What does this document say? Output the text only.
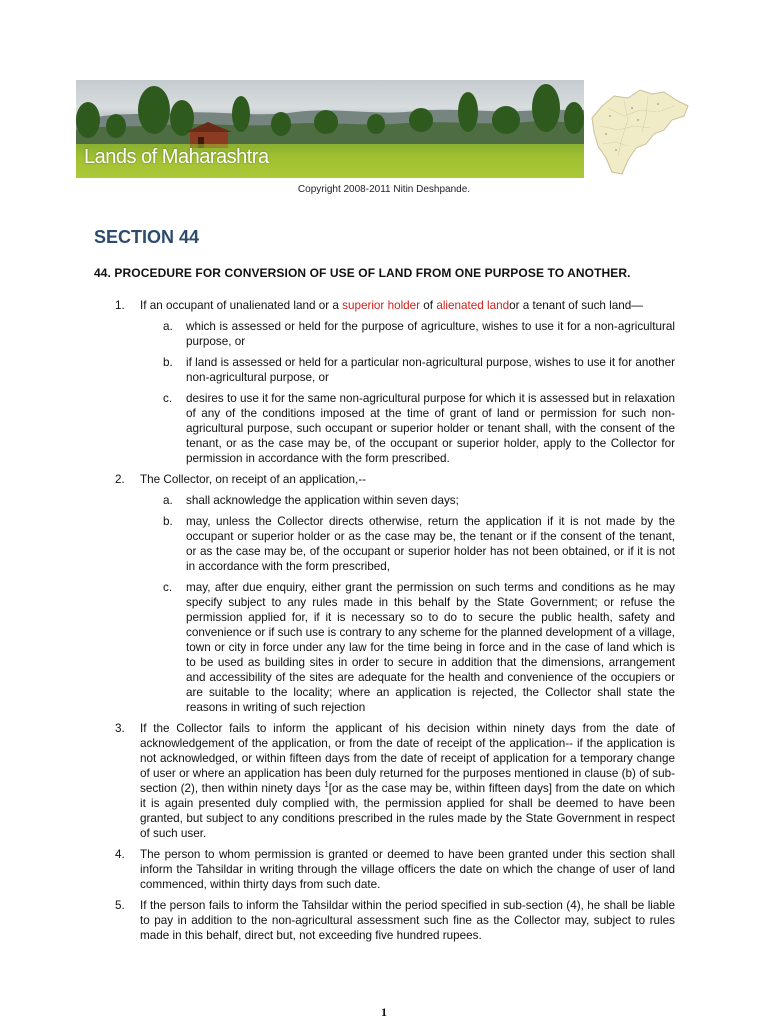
Lands of Maharashtra
Copyright 2008-2011 Nitin Deshpande.
SECTION 44
44. PROCEDURE FOR CONVERSION OF USE OF LAND FROM ONE PURPOSE TO ANOTHER.
1. If an occupant of unalienated land or a superior holder of alienated landor a tenant of such land—
a. which is assessed or held for the purpose of agriculture, wishes to use it for a non-agricultural purpose, or
b. if land is assessed or held for a particular non-agricultural purpose, wishes to use it for another non-agricultural purpose, or
c. desires to use it for the same non-agricultural purpose for which it is assessed but in relaxation of any of the conditions imposed at the time of grant of land or permission for such non-agricultural purpose, such occupant or superior holder or tenant shall, with the consent of the tenant, or as the case may be, of the occupant or superior holder, apply to the Collector for permission in accordance with the form prescribed.
2. The Collector, on receipt of an application,--
a. shall acknowledge the application within seven days;
b. may, unless the Collector directs otherwise, return the application if it is not made by the occupant or superior holder or as the case may be, the tenant or if the consent of the tenant, or as the case may be, of the occupant or superior holder has not been obtained, or if it is not in accordance with the form prescribed,
c. may, after due enquiry, either grant the permission on such terms and conditions as he may specify subject to any rules made in this behalf by the State Government; or refuse the permission applied for, if it is necessary so to do to secure the public health, safety and convenience or if such use is contrary to any scheme for the planned development of a village, town or city in force under any law for the time being in force and in the case of land which is to be used as building sites in order to secure in addition that the dimensions, arrangement and accessibility of the sites are adequate for the health and convenience of the occupiers or are suitable to the locality; where an application is rejected, the Collector shall state the reasons in writing of such rejection
3. If the Collector fails to inform the applicant of his decision within ninety days from the date of acknowledgement of the application, or from the date of receipt of the application-- if the application is not acknowledged, or within fifteen days from the date of receipt of application for a temporary change of user or where an application has been duly returned for the purposes mentioned in clause (b) of sub-section (2), then within ninety days $^1$[or as the case may be, within fifteen days] from the date on which it is again presented duly complied with, the permission applied for shall be deemed to have been granted, but subject to any conditions prescribed in the rules made by the State Government in respect of such user.
4. The person to whom permission is granted or deemed to have been granted under this section shall inform the Tahsildar in writing through the village officers the date on which the change of user of land commenced, within thirty days from such date.
5. If the person fails to inform the Tahsildar within the period specified in sub-section (4), he shall be liable to pay in addition to the non-agricultural assessment such fine as the Collector may, subject to rules made in this behalf, direct but, not exceeding five hundred rupees.
1
